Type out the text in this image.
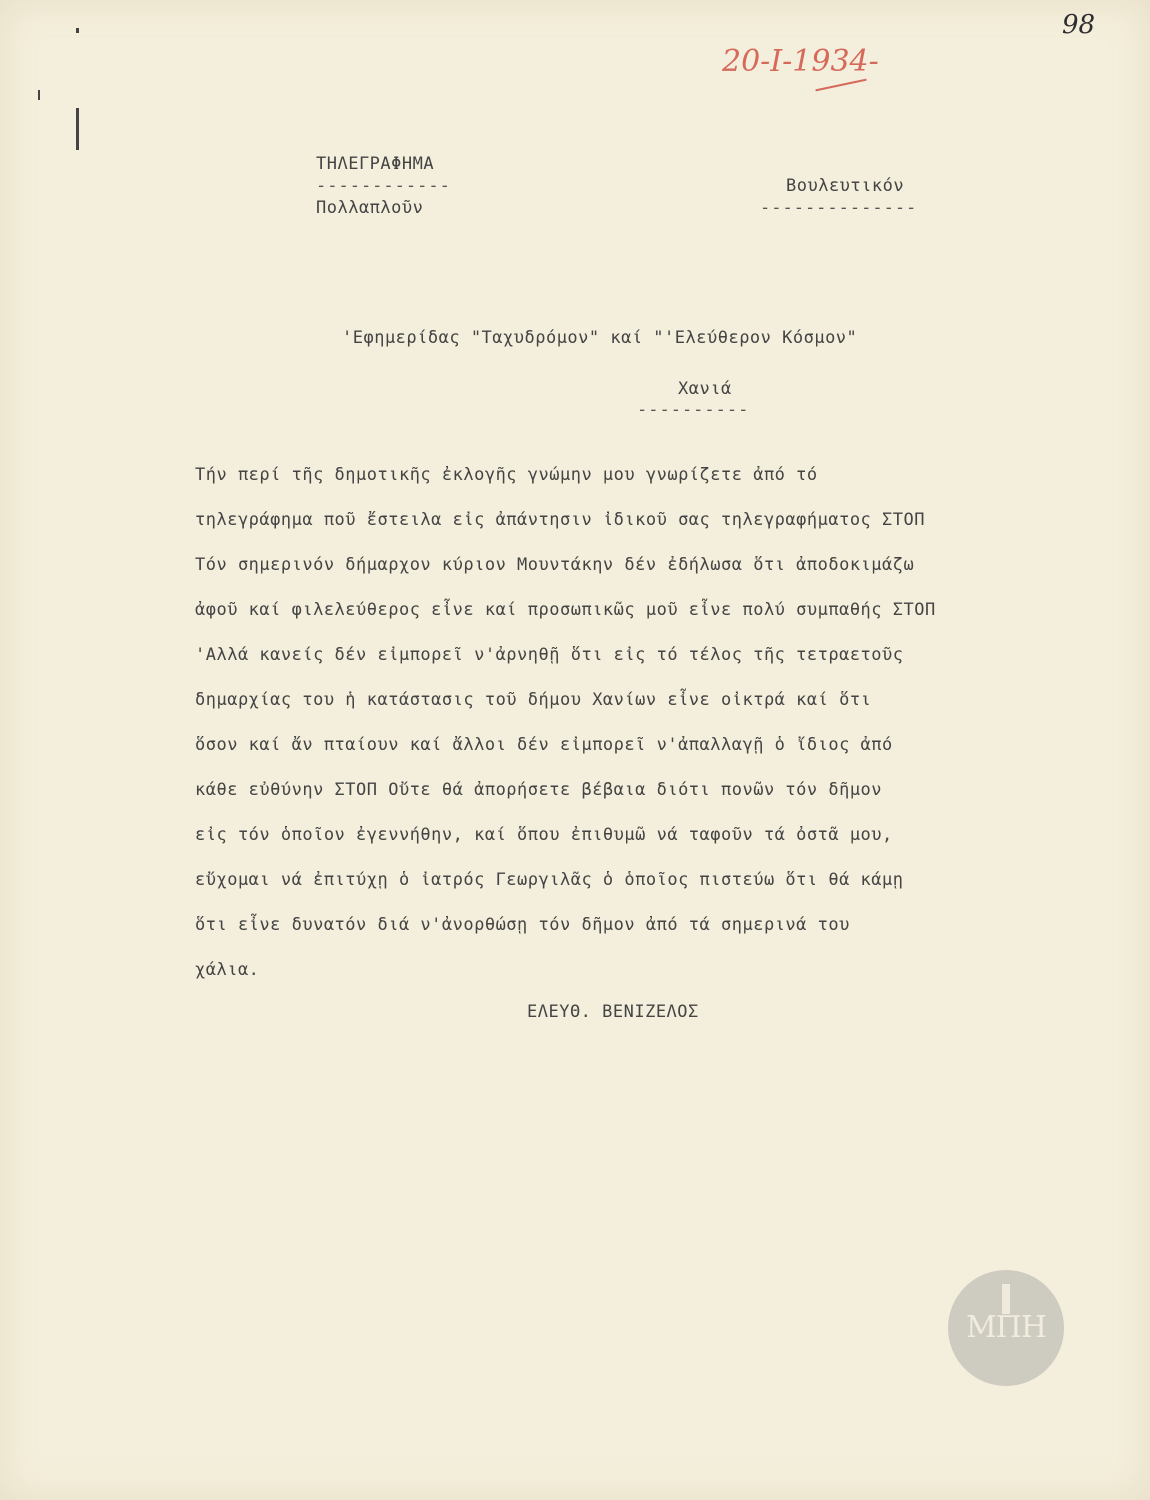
98
20-I-1934-
ΤΗΛΕΓΡΑΦΗΜΑ
------------
Πολλαπλοῦν
Βουλευτικόν
--------------
'Εφημερίδας "Ταχυδρόμον" καί "'Ελεύθερον Κόσμον"
Χανιά
----------
Τήν περί τῆς δημοτικῆς ἐκλογῆς γνώμην μου γνωρίζετε ἀπό τό
τηλεγράφημα ποῦ ἔστειλα εἰς ἀπάντησιν ἰδικοῦ σας τηλεγραφήματος ΣΤΟΠ
Τόν σημερινόν δήμαρχον κύριον Μουντάκην δέν ἐδήλωσα ὅτι ἀποδοκιμάζω
ἀφοῦ καί φιλελεύθερος εἶνε καί προσωπικῶς μοῦ εἶνε πολύ συμπαθής ΣΤΟΠ
'Αλλά κανείς δέν εἰμπορεῖ ν'ἀρνηθῇ ὅτι εἰς τό τέλος τῆς τετραετοῦς
δημαρχίας του ἡ κατάστασις τοῦ δήμου Χανίων εἶνε οἰκτρά καί ὅτι
ὅσον καί ἄν πταίουν καί ἄλλοι δέν εἰμπορεῖ ν'ἀπαλλαγῇ ὁ ἴδιος ἀπό
κάθε εὐθύνην ΣΤΟΠ Οὔτε θά ἀπορήσετε βέβαια διότι πονῶν τόν δῆμον
εἰς τόν ὁποῖον ἐγεννήθην, καί ὅπου ἐπιθυμῶ νά ταφοῦν τά ὀστᾶ μου,
εὔχομαι νά ἐπιτύχῃ ὁ ἰατρός Γεωργιλᾶς ὁ ὁποῖος πιστεύω ὅτι θά κάμῃ
ὅτι εἶνε δυνατόν διά ν'ἀνορθώσῃ τόν δῆμον ἀπό τά σημερινά του
χάλια.
ΕΛΕΥΘ. ΒΕΝΙΖΕΛΟΣ
ΜΠΗ
